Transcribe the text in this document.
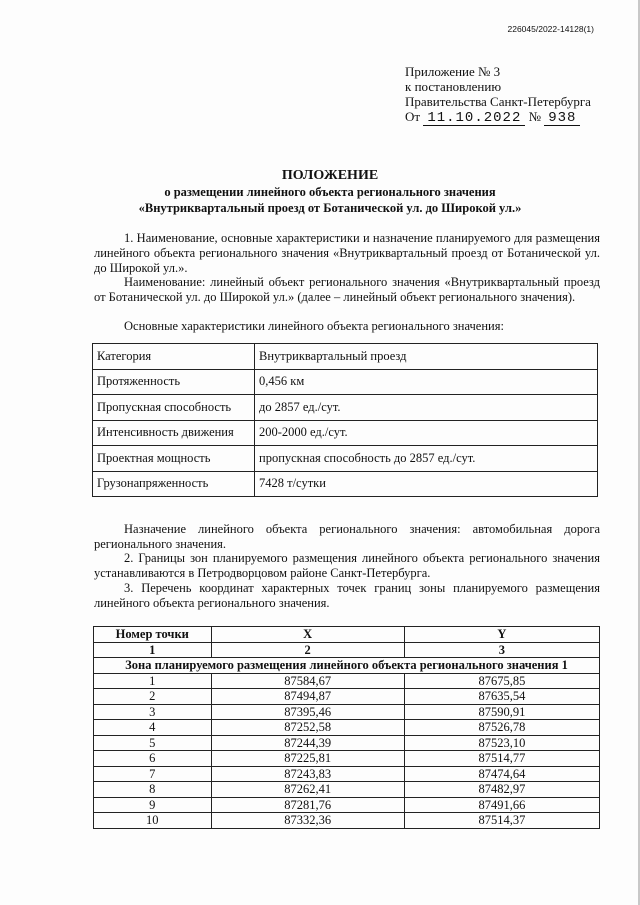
226045/2022-14128(1)
Приложение № 3
к постановлению
Правительства Санкт-Петербурга
От 11.10.2022 № 938
ПОЛОЖЕНИЕ
о размещении линейного объекта регионального значения
«Внутриквартальный проезд от Ботанической ул. до Широкой ул.»
1. Наименование, основные характеристики и назначение планируемого для размещения линейного объекта регионального значения «Внутриквартальный проезд от Ботанической ул. до Широкой ул.».
Наименование: линейный объект регионального значения «Внутриквартальный проезд от Ботанической ул. до Широкой ул.» (далее – линейный объект регионального значения).
Основные характеристики линейного объекта регионального значения:
Категория	Внутриквартальный проезд
Протяженность	0,456 км
Пропускная способность	до 2857 ед./сут.
Интенсивность движения	200-2000 ед./сут.
Проектная мощность	пропускная способность до 2857 ед./сут.
Грузонапряженность	7428 т/сутки
Назначение линейного объекта регионального значения: автомобильная дорога регионального значения.
2. Границы зон планируемого размещения линейного объекта регионального значения устанавливаются в Петродворцовом районе Санкт-Петербурга.
3. Перечень координат характерных точек границ зоны планируемого размещения линейного объекта регионального значения.
Номер точки	X	Y
1	2	3
Зона планируемого размещения линейного объекта регионального значения 1		
1	87584,67	87675,85
2	87494,87	87635,54
3	87395,46	87590,91
4	87252,58	87526,78
5	87244,39	87523,10
6	87225,81	87514,77
7	87243,83	87474,64
8	87262,41	87482,97
9	87281,76	87491,66
10	87332,36	87514,37
